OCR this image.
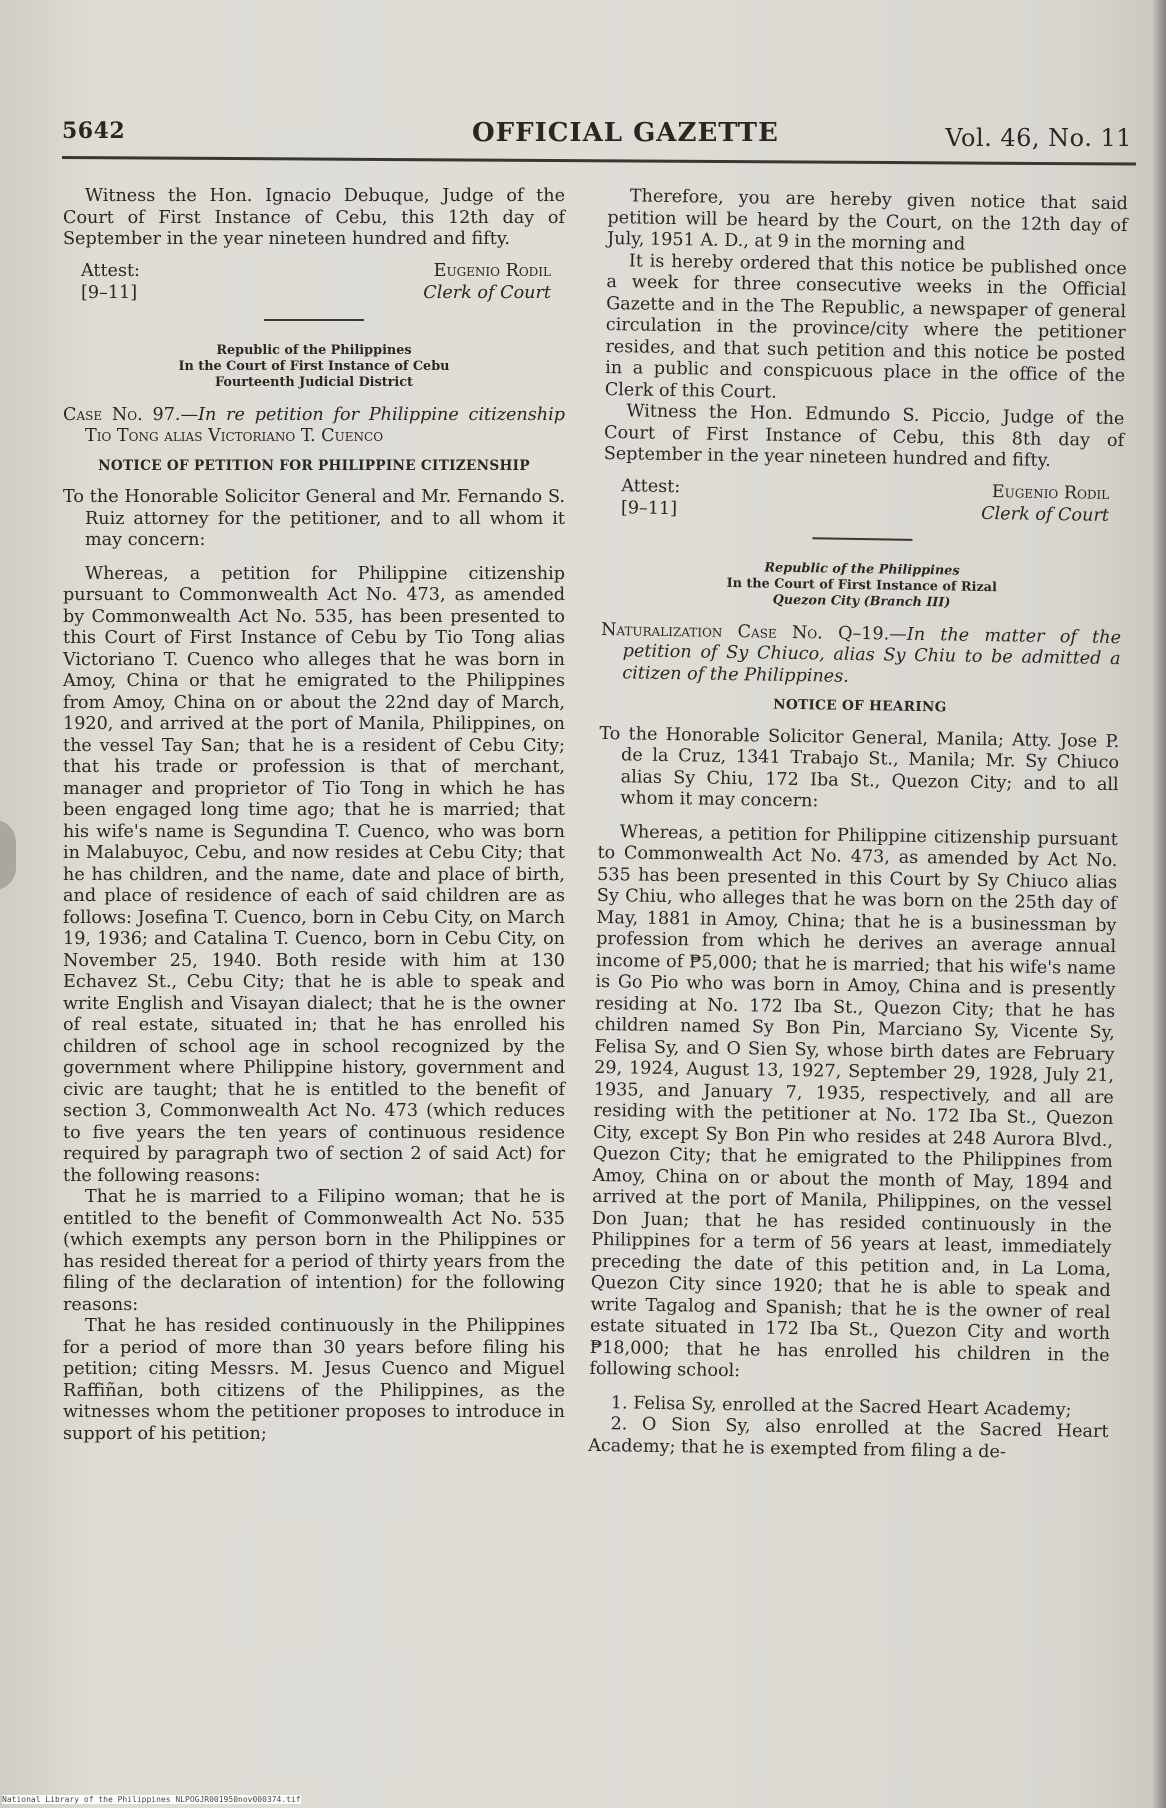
5642	OFFICIAL GAZETTE	Vol. 46, No. 11

Witness the Hon. Ignacio Debuque, Judge of the Court of First Instance of Cebu, this 12th day of September in the year nineteen hundred and fifty.

Attest:
[9–11]
Eugenio Rodil
Clerk of Court
Republic of the Philippines
In the Court of First Instance of Cebu
Fourteenth Judicial District

Case No. 97.—In re petition for Philippine citizenship Tio Tong alias Victoriano T. Cuenco

NOTICE OF PETITION FOR PHILIPPINE CITIZENSHIP

To the Honorable Solicitor General and Mr. Fernando S. Ruiz attorney for the petitioner, and to all whom it may concern:

Whereas, a petition for Philippine citizenship pursuant to Commonwealth Act No. 473, as amended by Commonwealth Act No. 535, has been presented to this Court of First Instance of Cebu by Tio Tong alias Victoriano T. Cuenco who alleges that he was born in Amoy, China or that he emigrated to the Philippines from Amoy, China on or about the 22nd day of March, 1920, and arrived at the port of Manila, Philippines, on the vessel Tay San; that he is a resident of Cebu City; that his trade or profession is that of merchant, manager and proprietor of Tio Tong in which he has been engaged long time ago; that he is married; that his wife's name is Segundina T. Cuenco, who was born in Malabuyoc, Cebu, and now resides at Cebu City; that he has children, and the name, date and place of birth, and place of residence of each of said children are as follows: Josefina T. Cuenco, born in Cebu City, on March 19, 1936; and Catalina T. Cuenco, born in Cebu City, on November 25, 1940. Both reside with him at 130 Echavez St., Cebu City; that he is able to speak and write English and Visayan dialect; that he is the owner of real estate, situated in; that he has enrolled his children of school age in school recognized by the government where Philippine history, government and civic are taught; that he is entitled to the benefit of section 3, Commonwealth Act No. 473 (which reduces to five years the ten years of continuous residence required by paragraph two of section 2 of said Act) for the following reasons:

That he is married to a Filipino woman; that he is entitled to the benefit of Commonwealth Act No. 535 (which exempts any person born in the Philippines or has resided thereat for a period of thirty years from the filing of the declaration of intention) for the following reasons:

That he has resided continuously in the Philippines for a period of more than 30 years before filing his petition; citing Messrs. M. Jesus Cuenco and Miguel Raffiñan, both citizens of the Philippines, as the witnesses whom the petitioner proposes to introduce in support of his petition;

Therefore, you are hereby given notice that said petition will be heard by the Court, on the 12th day of July, 1951 A. D., at 9 in the morning and

It is hereby ordered that this notice be published once a week for three consecutive weeks in the Official Gazette and in the The Republic, a newspaper of general circulation in the province/city where the petitioner resides, and that such petition and this notice be posted in a public and conspicuous place in the office of the Clerk of this Court.

Witness the Hon. Edmundo S. Piccio, Judge of the Court of First Instance of Cebu, this 8th day of September in the year nineteen hundred and fifty.

Attest:
[9–11]
Eugenio Rodil
Clerk of Court
Republic of the Philippines
In the Court of First Instance of Rizal
Quezon City (Branch III)

Naturalization Case No. Q–19.—In the matter of the petition of Sy Chiuco, alias Sy Chiu to be admitted a citizen of the Philippines.

NOTICE OF HEARING

To the Honorable Solicitor General, Manila; Atty. Jose P. de la Cruz, 1341 Trabajo St., Manila; Mr. Sy Chiuco alias Sy Chiu, 172 Iba St., Quezon City; and to all whom it may concern:

Whereas, a petition for Philippine citizenship pursuant to Commonwealth Act No. 473, as amended by Act No. 535 has been presented in this Court by Sy Chiuco alias Sy Chiu, who alleges that he was born on the 25th day of May, 1881 in Amoy, China; that he is a businessman by profession from which he derives an average annual income of ₱5,000; that he is married; that his wife's name is Go Pio who was born in Amoy, China and is presently residing at No. 172 Iba St., Quezon City; that he has children named Sy Bon Pin, Marciano Sy, Vicente Sy, Felisa Sy, and O Sien Sy, whose birth dates are February 29, 1924, August 13, 1927, September 29, 1928, July 21, 1935, and January 7, 1935, respectively, and all are residing with the petitioner at No. 172 Iba St., Quezon City, except Sy Bon Pin who resides at 248 Aurora Blvd., Quezon City; that he emigrated to the Philippines from Amoy, China on or about the month of May, 1894 and arrived at the port of Manila, Philippines, on the vessel Don Juan; that he has resided continuously in the Philippines for a term of 56 years at least, immediately preceding the date of this petition and, in La Loma, Quezon City since 1920; that he is able to speak and write Tagalog and Spanish; that he is the owner of real estate situated in 172 Iba St., Quezon City and worth ₱18,000; that he has enrolled his children in the following school:

1. Felisa Sy, enrolled at the Sacred Heart Academy;

2. O Sion Sy, also enrolled at the Sacred Heart Academy; that he is exempted from filing a de-

National Library of the Philippines NLPOGJR001950nov000374.tif
